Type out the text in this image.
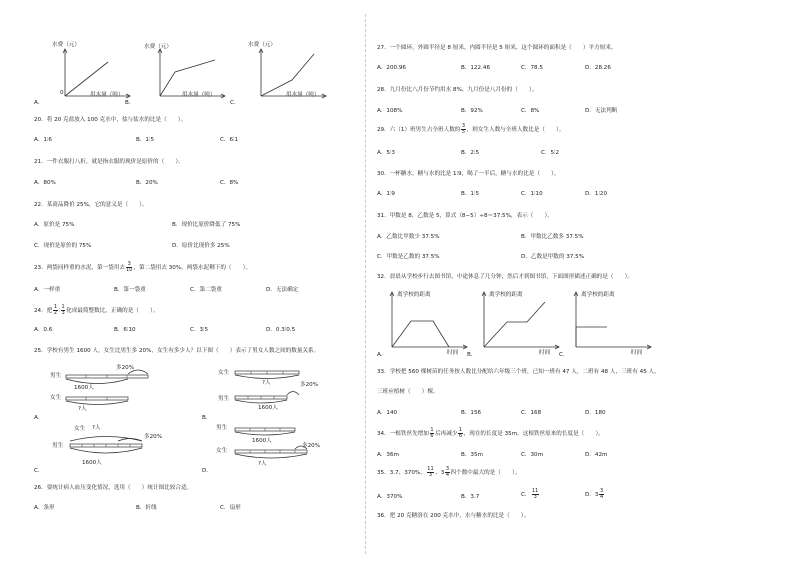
水费（元）
0	用水量（吨）
A．
水费（元）
用水量（吨）
B．
水费（元）
用水量（吨）
C．
20．将 20 克盐放入 100 克水中，盐与盐水的比是（　　）。
A．1∶6	B．1∶5	C．6∶1
21．一件衣服打八折，就是指衣服的现价是原价的（　　）。
A．80%	B．20%	C．8%
22．某商品降价 25%，它的意义是（　　）。
A．原价是 75%	B．现价比原价降低了 75%
C．现价是原价的 75%	D．原价比现价多 25%
23．两袋同样重的水泥，第一袋用去 $\frac{3}{10}$ ，第二袋用去 30%，两袋水泥剩下的（　　）。
A．一样重	B．第一袋重	C．第二袋重	D．无法确定
24．把 $\frac{1}{2}$ ∶ $\frac{1}{3}$ 化成最简整数比，正确的是（　　）。
A．0.6	B．6∶10	C．3∶5	D．0.3∶0.5
25．学校有男生 1600 人，女生比男生多 20%，女生有多少人？以下图（　　）表示了男女人数之间的数量关系。
男生
多20%
女生
1600人
?人
A．
女生
?人	多20%
男生
1600人
B．
?人
女生
多20%
男生
1600人
C．
男生
1600人
多20%
女生
?人
D．
26．要统计病人血压变化情况，选用（　　）统计图比较合适。
A．条形	B．折线	C．扇形
27．一个圆环，外圆半径是 8 厘米，内圆半径是 5 厘米，这个圆环的面积是（　　）平方厘米。
A．200.96	B．122.46	C．78.5	D．28.26
28．九月份比八月份节约用水 8%，九月份是八月份的（　　）。
A．108%	B．92%	C．8%	D．无法判断
29．六（1）班男生占全班人数的 $\frac{3}{5}$ ，则女生人数与全班人数比是（　　）。
A．5∶3	B．2∶5	C．5∶2
30．一杯糖水，糖与水的比是 1∶9，喝了一半后，糖与水的比是（　　）。
A．1∶9	B．1∶5	C．1∶10	D．1∶20
31．甲数是 8，乙数是 5，算式（8−5）÷8＝37.5%，表示（　　）。
A．乙数比甲数少 37.5%	B．甲数比乙数多 37.5%
C．甲数是乙数的 37.5%	D．乙数是甲数的 37.5%
32．晨晨从学校步行去图书馆，中途休息了几分钟，然后才到图书馆，下面图形描述正确的是（　　）。
离学校的距离
时间
A．
离学校的距离
时间
B．
离学校的距离
时间
C．
33．学校把 560 棵树苗的任务按人数比分配给六年级三个班，已知一班有 47 人，二班有 48 人，三班有 45 人，
三班应植树（　　）棵。
A．140	B．156	C．168	D．180
34．一根铁丝先增加 $\frac{1}{6}$ 后再减少 $\frac{1}{6}$ ，现在的长度是 35m，这根铁丝原来的长度是（　　）。
A．36m	B．35m	C．30m	D．42m
35．3.7、370%、 $\frac{11}{3}$ 、$3 \frac{3}{4}$ 四个数中最大的是（　　）。
A．370%	B．3.7	C． $\frac{11}{3}$	D．$3 \frac{3}{4}$
36．把 20 克糖溶在 200 克水中，水与糖水的比是（　　）。
